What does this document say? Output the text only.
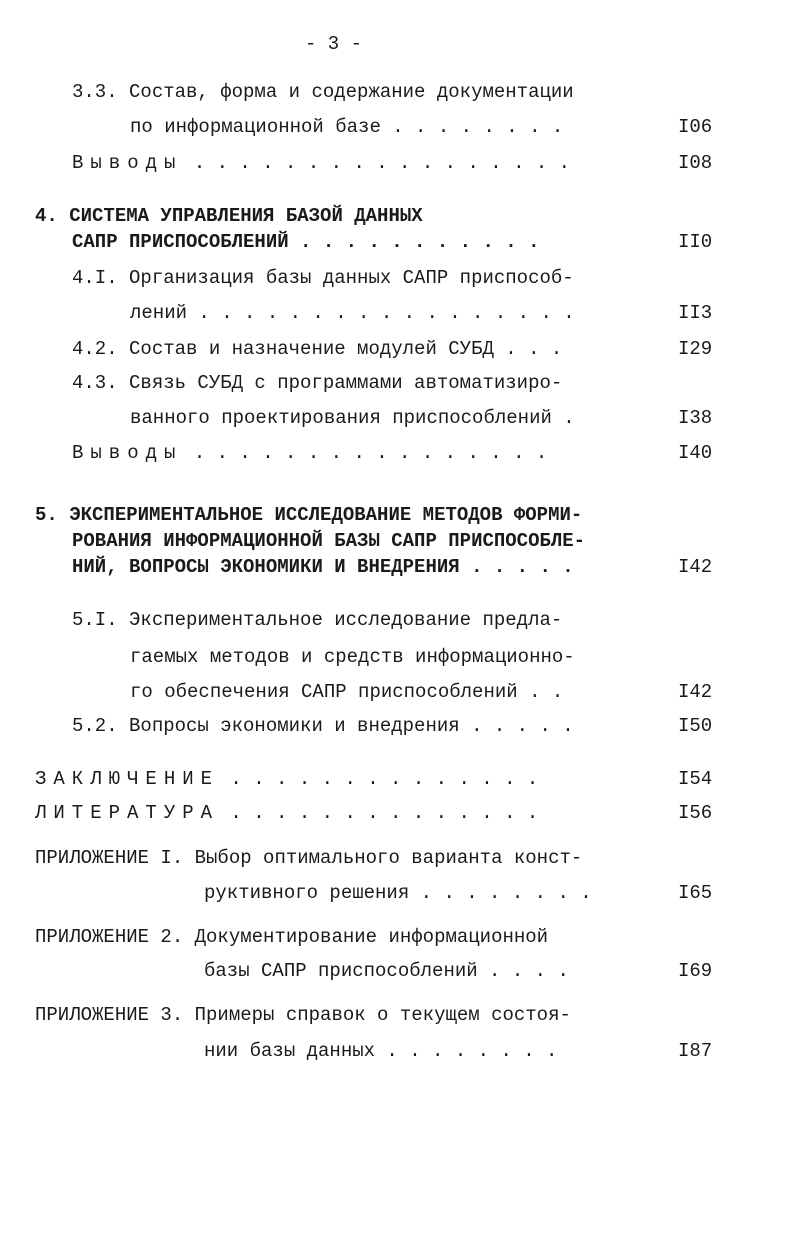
- 3 -
3.3. Состав, форма и содержание документации
по информационной базе . . . . . . . .	I06
Выводы . . . . . . . . . . . . . . . . .	I08
4. СИСТЕМА УПРАВЛЕНИЯ БАЗОЙ ДАННЫХ
САПР ПРИСПОСОБЛЕНИЙ . . . . . . . . . . .	II0
4.I. Организация базы данных САПР приспособ-
лений . . . . . . . . . . . . . . . . .	II3
4.2. Состав и назначение модулей СУБД . . .	I29
4.3. Связь СУБД с программами автоматизиро-
ванного проектирования приспособлений .	I38
Выводы . . . . . . . . . . . . . . . .	I40
5. ЭКСПЕРИМЕНТАЛЬНОЕ ИССЛЕДОВАНИЕ МЕТОДОВ ФОРМИ-
РОВАНИЯ ИНФОРМАЦИОННОЙ БАЗЫ САПР ПРИСПОСОБЛЕ-
НИЙ, ВОПРОСЫ ЭКОНОМИКИ И ВНЕДРЕНИЯ . . . . .	I42
5.I. Экспериментальное исследование предла-
гаемых методов и средств информационно-
го обеспечения САПР приспособлений . .	I42
5.2. Вопросы экономики и внедрения . . . . .	I50
ЗАКЛЮЧЕНИЕ . . . . . . . . . . . . . .	I54
ЛИТЕРАТУРА . . . . . . . . . . . . . .	I56
ПРИЛОЖЕНИЕ I. Выбор оптимального варианта конст-
руктивного решения . . . . . . . .	I65
ПРИЛОЖЕНИЕ 2. Документирование информационной
базы САПР приспособлений . . . .	I69
ПРИЛОЖЕНИЕ 3. Примеры справок о текущем состоя-
нии базы данных . . . . . . . .	I87
